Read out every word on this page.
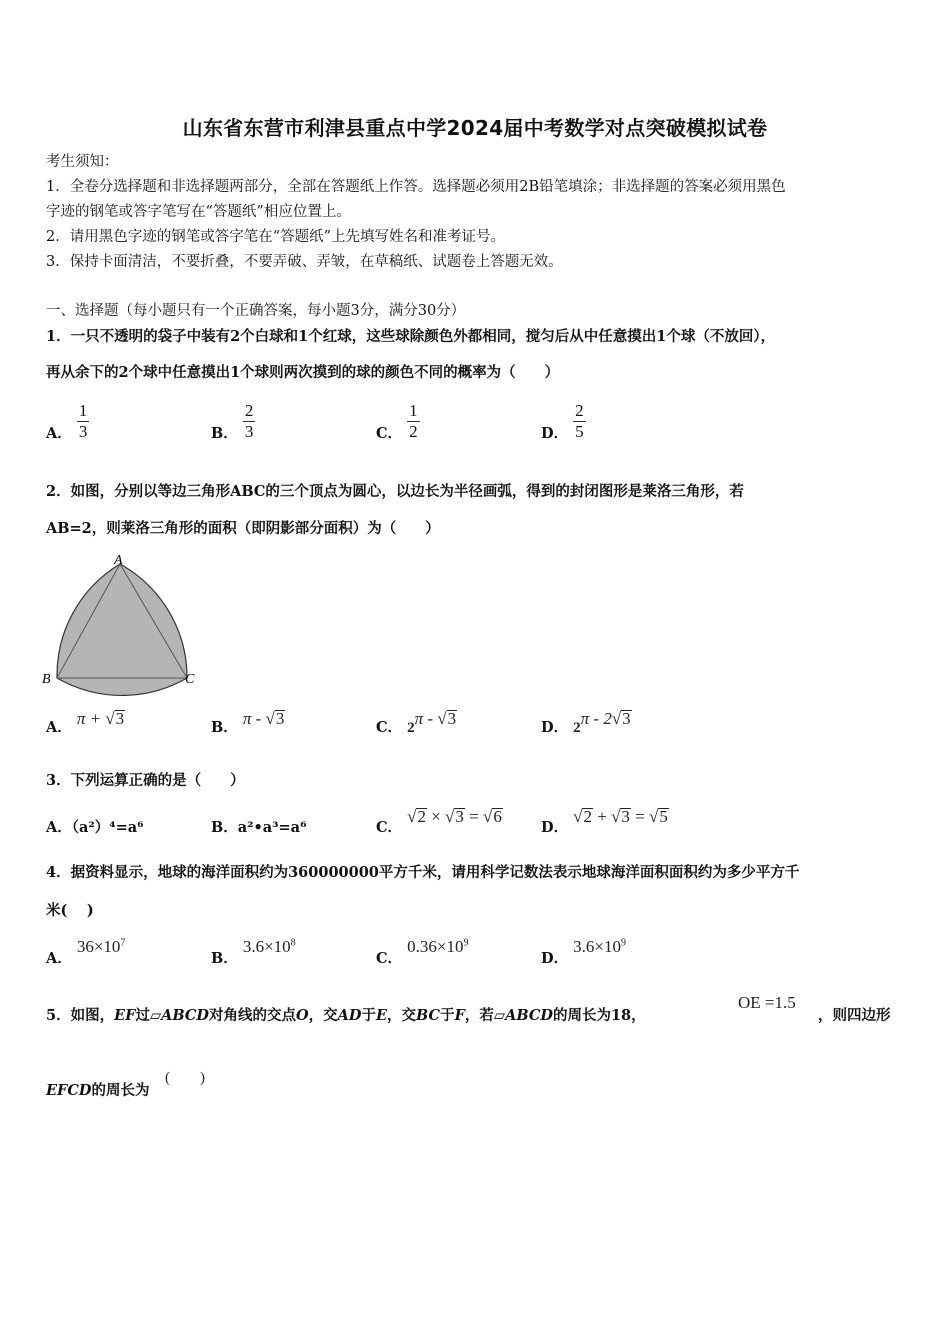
山东省东营市利津县重点中学2024届中考数学对点突破模拟试卷
考生须知：
1．全卷分选择题和非选择题两部分，全部在答题纸上作答。选择题必须用2B铅笔填涂；非选择题的答案必须用黑色
字迹的钢笔或答字笔写在“答题纸”相应位置上。
2．请用黑色字迹的钢笔或答字笔在“答题纸”上先填写姓名和准考证号。
3．保持卡面清洁，不要折叠，不要弄破、弄皱，在草稿纸、试题卷上答题无效。
一、选择题（每小题只有一个正确答案，每小题3分，满分30分）
1．一只不透明的袋子中装有2个白球和1个红球，这些球除颜色外都相同，搅匀后从中任意摸出1个球（不放回），
再从余下的2个球中任意摸出1个球则两次摸到的球的颜色不同的概率为（　　）
A． $\frac{1}{3}$	B． $\frac{2}{3}$	C． $\frac{1}{2}$	D． $\frac{2}{5}$
2．如图，分别以等边三角形ABC的三个顶点为圆心，以边长为半径画弧，得到的封闭图形是莱洛三角形，若
AB=2，则莱洛三角形的面积（即阴影部分面积）为（　　）
A
B	C
A． π + √3	B． π - √3	C． 2π - √3	D． 2π - 2√3
3．下列运算正确的是（　　）
A．（a²）⁴=a⁶	B．a²•a³=a⁶	C． √2 × √3 = √6
D． √2 + √3 = √5
4．据资料显示，地球的海洋面积约为360000000平方千米，请用科学记数法表示地球海洋面积面积约为多少平方千
米(　 )
A． $36\times 10^7$
B． $3.6\times 10^8$
C． $0.36\times 10^9$
D． $3.6\times 10^9$
5．如图，EF过▱ABCD对角线的交点O，交AD于E，交BC于F，若▱ABCD的周长为18，
OE =1.5
，则四边形
EFCD的周长为
(　　)
